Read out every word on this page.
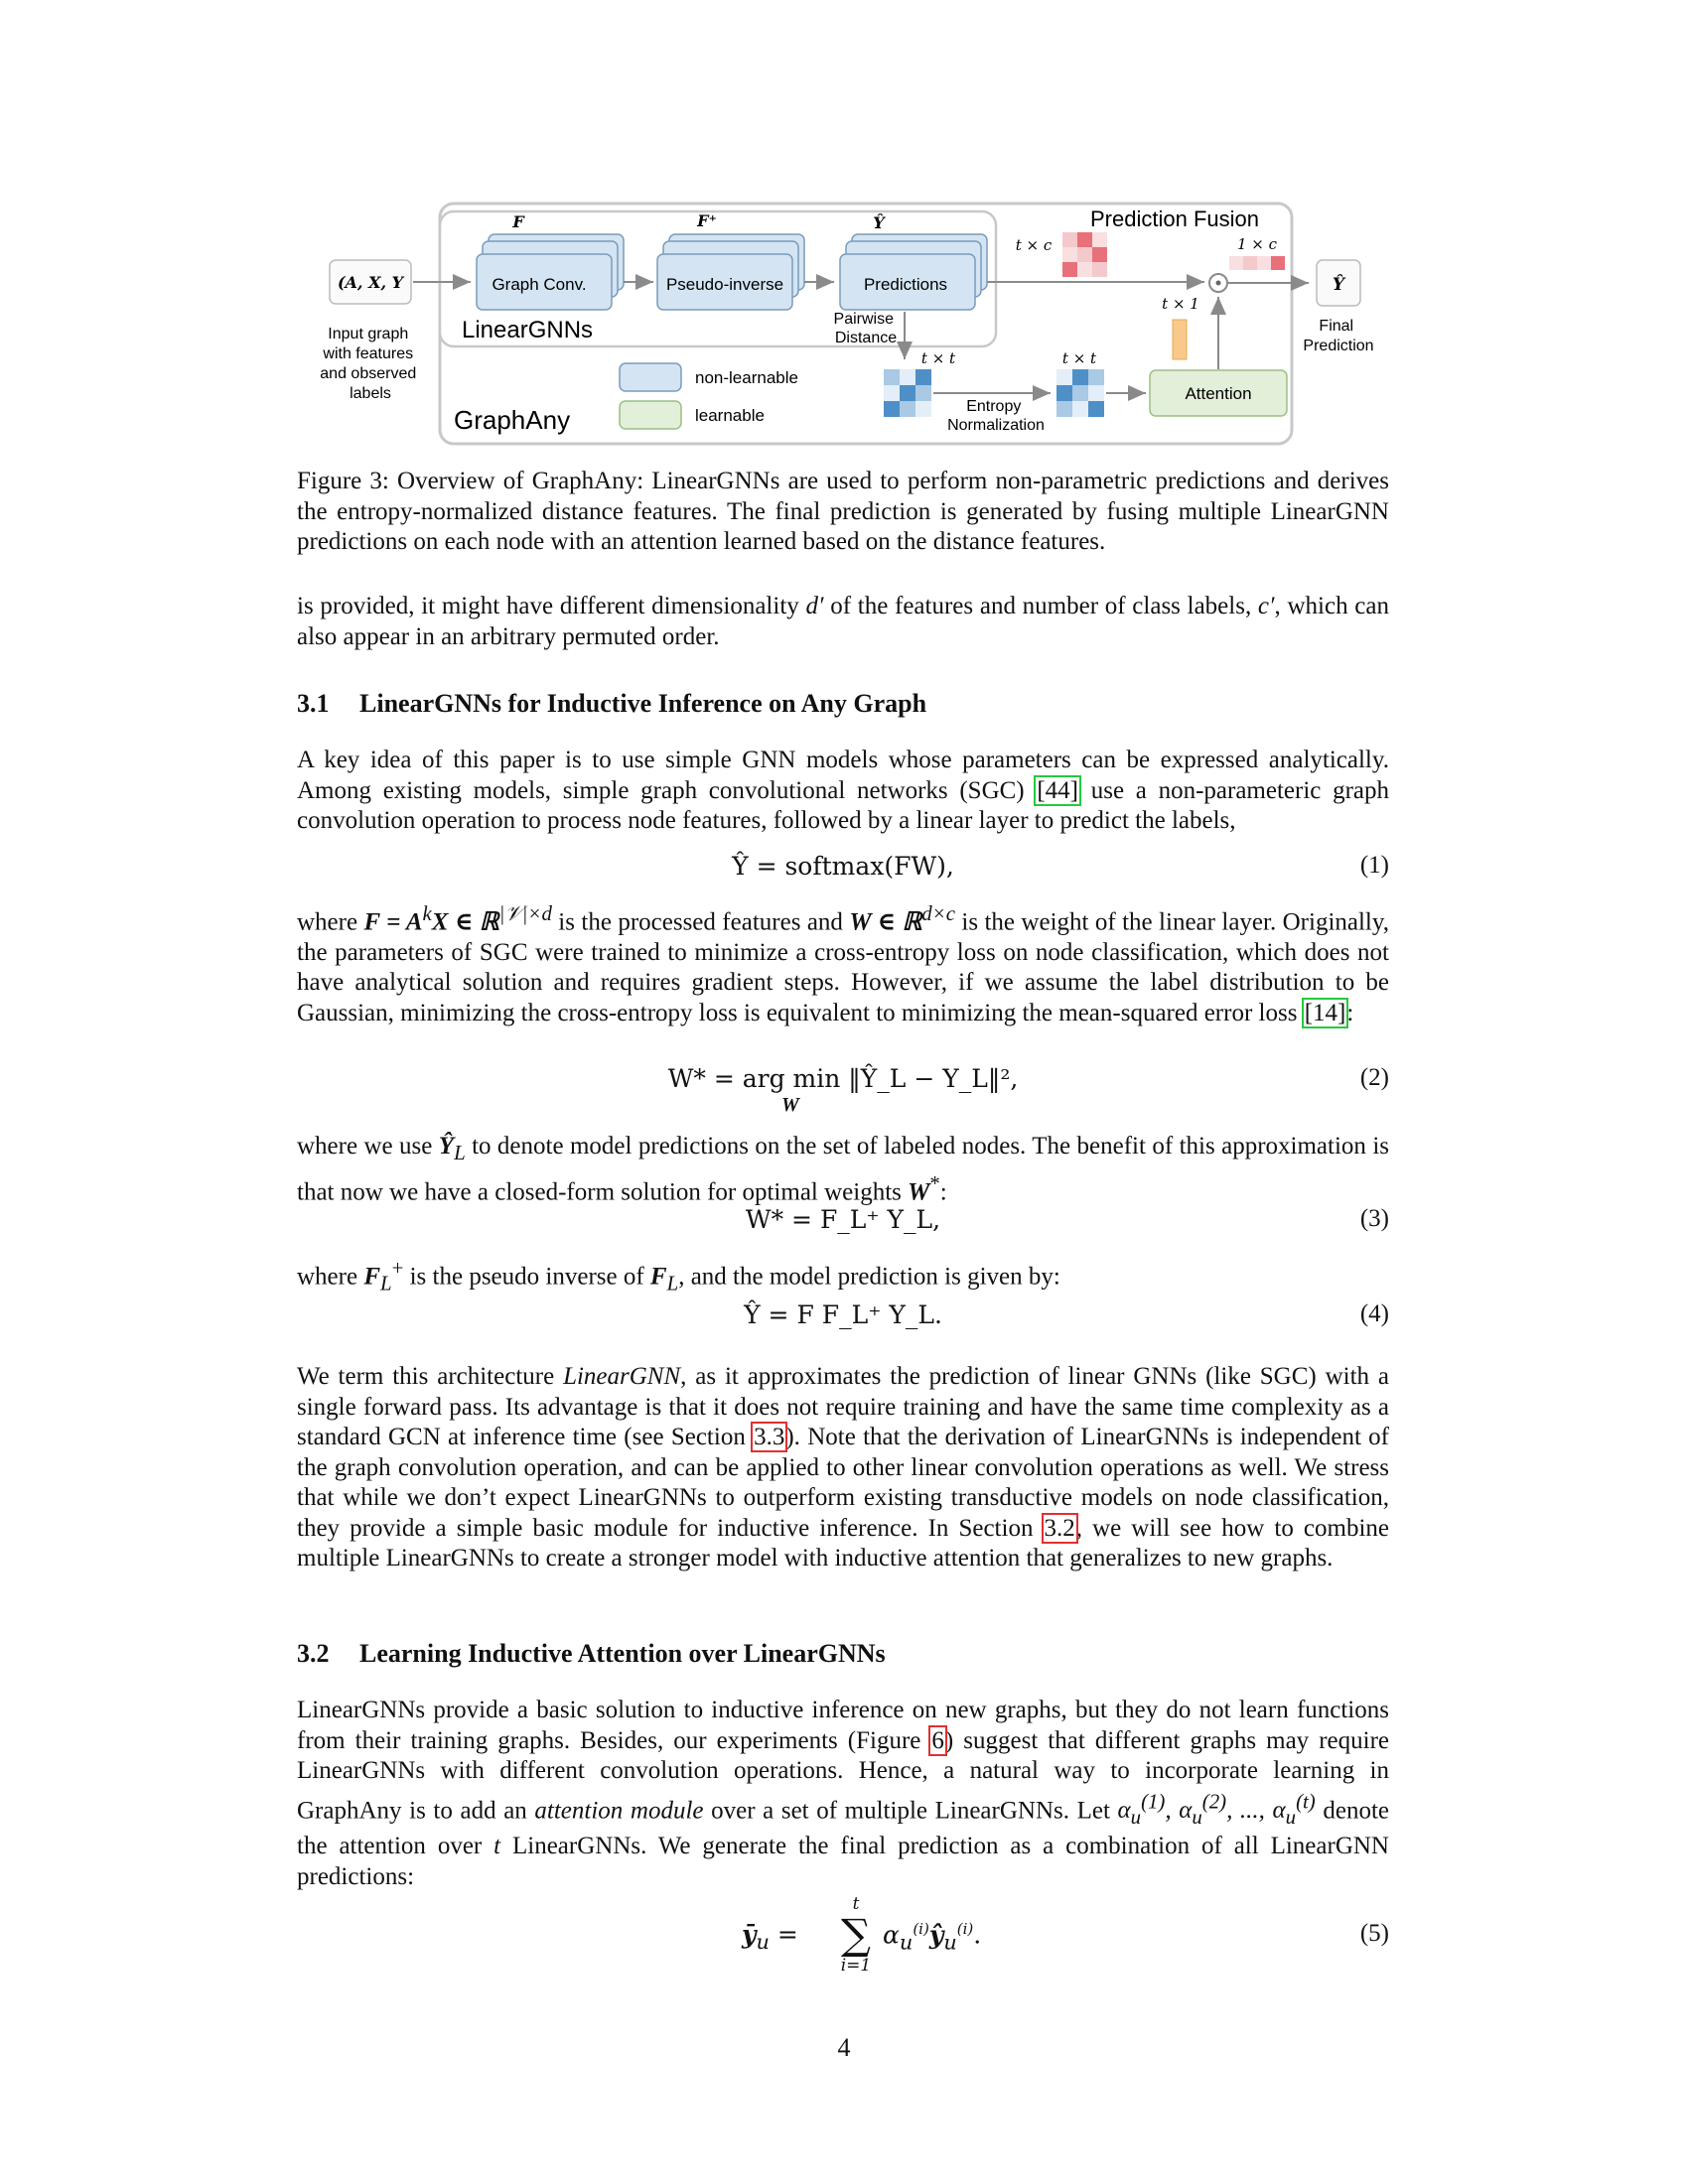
(A, X, Y
Input graph with features and observed labels
Graph Conv.
F
Pseudo-inverse
F⁺
Predictions
Ŷ
LinearGNNs	Pairwise Distance
Prediction Fusion
t × c	1 × c
Ŷ
Final Prediction
t × 1
Attention
t × t
Entropy Normalization
t × t
non-learnable
learnable
GraphAny

Figure 3: Overview of GraphAny: LinearGNNs are used to perform non-parametric predictions and derives the entropy-normalized distance features. The final prediction is generated by fusing multiple LinearGNN predictions on each node with an attention learned based on the distance features.

is provided, it might have different dimensionality d′ of the features and number of class labels, c′, which can also appear in an arbitrary permuted order.

3.1 LinearGNNs for Inductive Inference on Any Graph

A key idea of this paper is to use simple GNN models whose parameters can be expressed analytically. Among existing models, simple graph convolutional networks (SGC) [44] use a non-parameteric graph convolution operation to process node features, followed by a linear layer to predict the labels,

Ŷ = softmax(FW),	(1)

where $F = A^kX$ ∈ ℝ$^{|𝒱|\times d}$ is the processed features and W ∈ ℝ$^{d\times c}$ is the weight of the linear layer. Originally, the parameters of SGC were trained to minimize a cross-entropy loss on node classification, which does not have analytical solution and requires gradient steps. However, if we assume the label distribution to be Gaussian, minimizing the cross-entropy loss is equivalent to minimizing the mean-squared error loss [14]:

W* = arg min ‖Ŷ_L − Y_L‖²,	(2)
W

where we use $Ŷ_L$ to denote model predictions on the set of labeled nodes. The benefit of this approximation is that now we have a closed-form solution for optimal weights W*:

W* = F_L⁺ Y_L,	(3)

where $F_L^+$ is the pseudo inverse of $F_L$, and the model prediction is given by:

Ŷ = F F_L⁺ Y_L.	(4)

We term this architecture LinearGNN, as it approximates the prediction of linear GNNs (like SGC) with a single forward pass. Its advantage is that it does not require training and have the same time complexity as a standard GCN at inference time (see Section 3.3). Note that the derivation of LinearGNNs is independent of the graph convolution operation, and can be applied to other linear convolution operations as well. We stress that while we don’t expect LinearGNNs to outperform existing transductive models on node classification, they provide a simple basic module for inductive inference. In Section 3.2, we will see how to combine multiple LinearGNNs to create a stronger model with inductive attention that generalizes to new graphs.

3.2 Learning Inductive Attention over LinearGNNs

LinearGNNs provide a basic solution to inductive inference on new graphs, but they do not learn functions from their training graphs. Besides, our experiments (Figure 6) suggest that different graphs may require LinearGNNs with different convolution operations. Hence, a natural way to incorporate learning in GraphAny is to add an attention module over a set of multiple LinearGNNs. Let $\alpha_u^{(1)}$, $\alpha_u^{(2)}$, ..., $\alpha_u^{(t)}$ denote the attention over t LinearGNNs. We generate the final prediction as a combination of all LinearGNN predictions:

$ȳ_u$ =
t
∑
i=1
$\alpha_u^{(i)}ŷ_u^{(i)}$.	(5)
4
